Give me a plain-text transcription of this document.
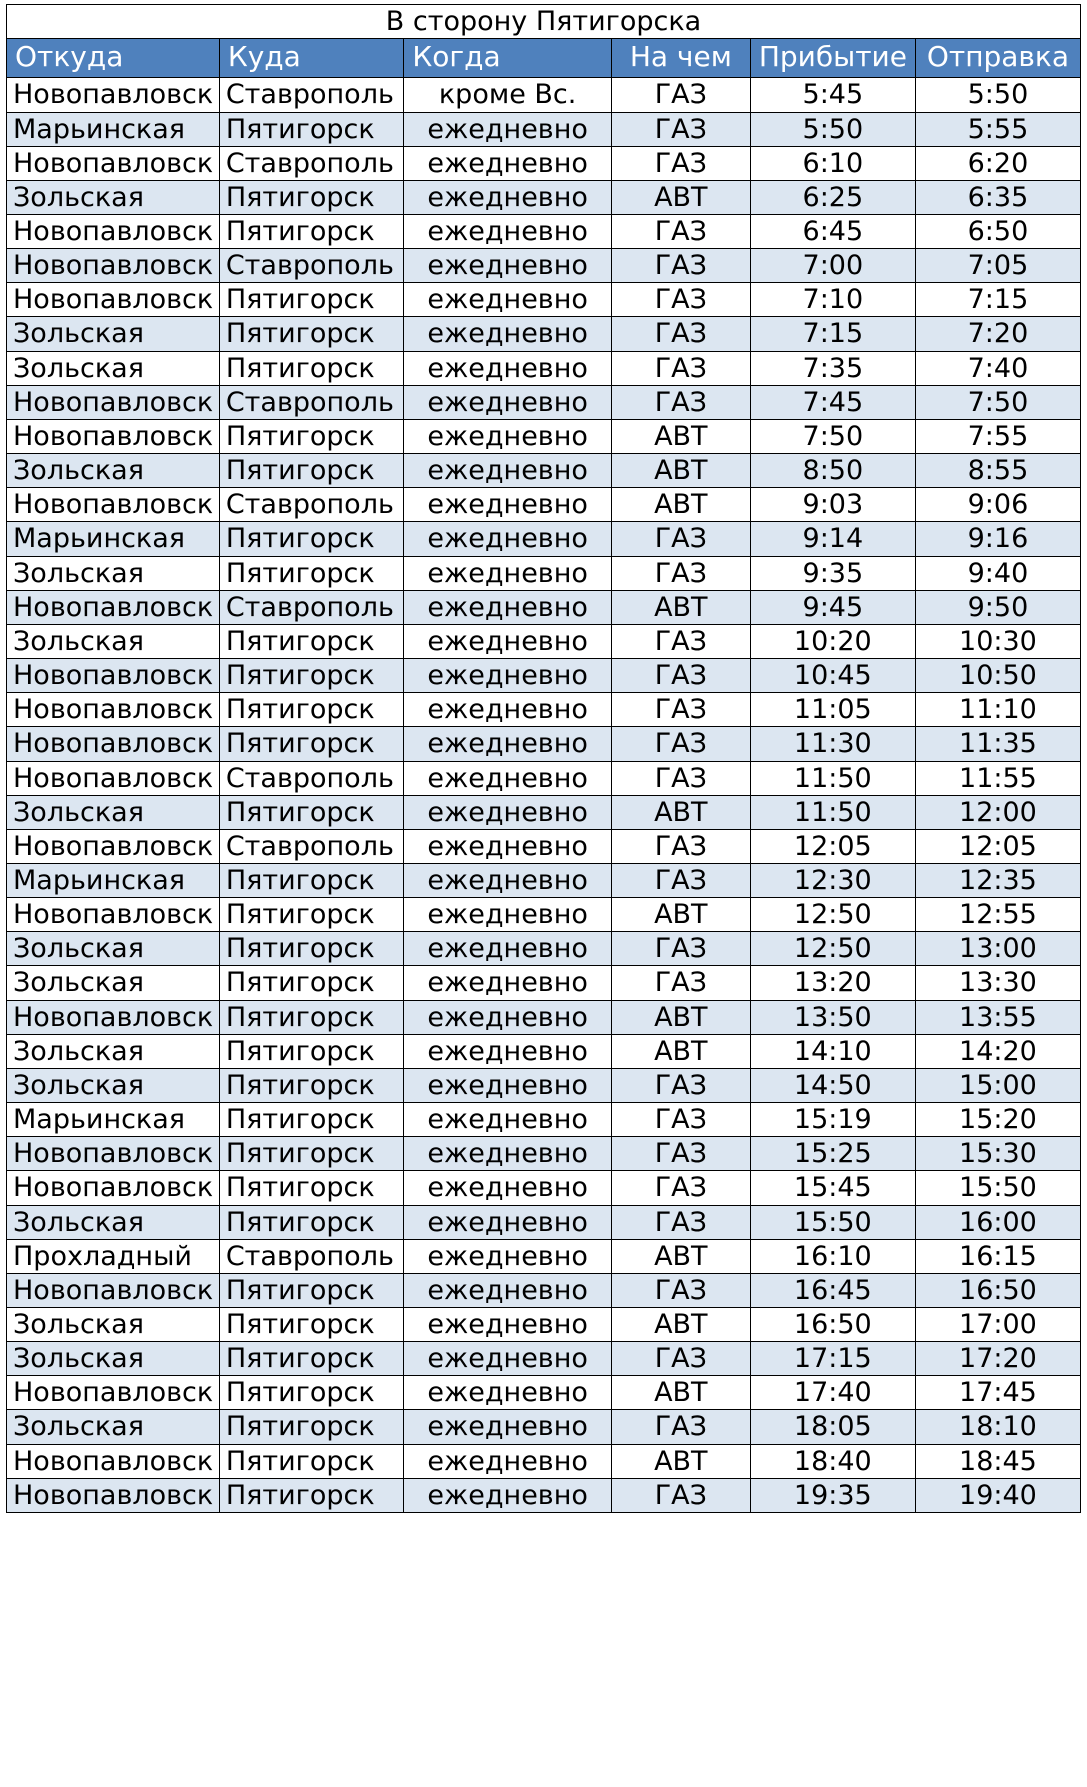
В сторону Пятигорска					
Откуда	Куда	Когда	На чем	Прибытие	Отправка
Новопавловск	Ставрополь	кроме Вс.	ГАЗ	5:45	5:50
Марьинская	Пятигорск	ежедневно	ГАЗ	5:50	5:55
Новопавловск	Ставрополь	ежедневно	ГАЗ	6:10	6:20
Зольская	Пятигорск	ежедневно	АВТ	6:25	6:35
Новопавловск	Пятигорск	ежедневно	ГАЗ	6:45	6:50
Новопавловск	Ставрополь	ежедневно	ГАЗ	7:00	7:05
Новопавловск	Пятигорск	ежедневно	ГАЗ	7:10	7:15
Зольская	Пятигорск	ежедневно	ГАЗ	7:15	7:20
Зольская	Пятигорск	ежедневно	ГАЗ	7:35	7:40
Новопавловск	Ставрополь	ежедневно	ГАЗ	7:45	7:50
Новопавловск	Пятигорск	ежедневно	АВТ	7:50	7:55
Зольская	Пятигорск	ежедневно	АВТ	8:50	8:55
Новопавловск	Ставрополь	ежедневно	АВТ	9:03	9:06
Марьинская	Пятигорск	ежедневно	ГАЗ	9:14	9:16
Зольская	Пятигорск	ежедневно	ГАЗ	9:35	9:40
Новопавловск	Ставрополь	ежедневно	АВТ	9:45	9:50
Зольская	Пятигорск	ежедневно	ГАЗ	10:20	10:30
Новопавловск	Пятигорск	ежедневно	ГАЗ	10:45	10:50
Новопавловск	Пятигорск	ежедневно	ГАЗ	11:05	11:10
Новопавловск	Пятигорск	ежедневно	ГАЗ	11:30	11:35
Новопавловск	Ставрополь	ежедневно	ГАЗ	11:50	11:55
Зольская	Пятигорск	ежедневно	АВТ	11:50	12:00
Новопавловск	Ставрополь	ежедневно	ГАЗ	12:05	12:05
Марьинская	Пятигорск	ежедневно	ГАЗ	12:30	12:35
Новопавловск	Пятигорск	ежедневно	АВТ	12:50	12:55
Зольская	Пятигорск	ежедневно	ГАЗ	12:50	13:00
Зольская	Пятигорск	ежедневно	ГАЗ	13:20	13:30
Новопавловск	Пятигорск	ежедневно	АВТ	13:50	13:55
Зольская	Пятигорск	ежедневно	АВТ	14:10	14:20
Зольская	Пятигорск	ежедневно	ГАЗ	14:50	15:00
Марьинская	Пятигорск	ежедневно	ГАЗ	15:19	15:20
Новопавловск	Пятигорск	ежедневно	ГАЗ	15:25	15:30
Новопавловск	Пятигорск	ежедневно	ГАЗ	15:45	15:50
Зольская	Пятигорск	ежедневно	ГАЗ	15:50	16:00
Прохладный	Ставрополь	ежедневно	АВТ	16:10	16:15
Новопавловск	Пятигорск	ежедневно	ГАЗ	16:45	16:50
Зольская	Пятигорск	ежедневно	АВТ	16:50	17:00
Зольская	Пятигорск	ежедневно	ГАЗ	17:15	17:20
Новопавловск	Пятигорск	ежедневно	АВТ	17:40	17:45
Зольская	Пятигорск	ежедневно	ГАЗ	18:05	18:10
Новопавловск	Пятигорск	ежедневно	АВТ	18:40	18:45
Новопавловск	Пятигорск	ежедневно	ГАЗ	19:35	19:40
